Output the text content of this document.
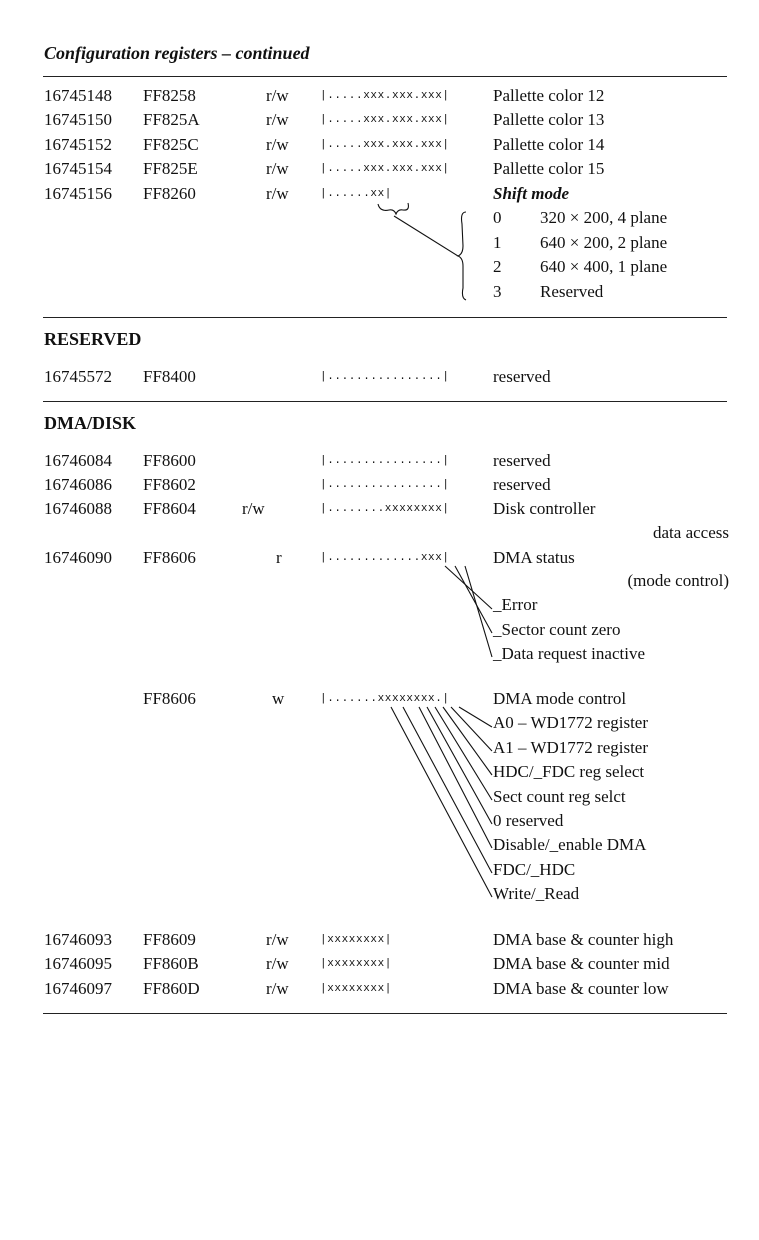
Configuration registers – continued
16745148 FF8258	r/w	|.....xxx.xxx.xxx|	Pallette color 12
16745150 FF825A	r/w	|.....xxx.xxx.xxx|	Pallette color 13
16745152 FF825C	r/w	|.....xxx.xxx.xxx|	Pallette color 14
16745154 FF825E	r/w	|.....xxx.xxx.xxx|	Pallette color 15
16745156 FF8260	r/w	|......xx|	Shift mode
0 320 × 200, 4 plane
1 640 × 200, 2 plane
2 640 × 400, 1 plane
3 Reserved
RESERVED
16745572 FF8400	|................|	reserved
DMA/DISK
16746084 FF8600	|................|	reserved
16746086 FF8602	|................|	reserved
16746088 FF8604	r/w	|........xxxxxxxx|	Disk controller
data access
16746090 FF8606	r	|.............xxx|	DMA status
(mode control)
_Error
_Sector count zero
_Data request inactive
FF8606	w	|.......xxxxxxxx.|	DMA mode control
A0 – WD1772 register
A1 – WD1772 register
HDC/_FDC reg select
Sect count reg selct
0 reserved
Disable/_enable DMA
FDC/_HDC
Write/_Read
16746093 FF8609	r/w	|xxxxxxxx|	DMA base & counter high
16746095 FF860B	r/w	|xxxxxxxx|	DMA base & counter mid
16746097 FF860D	r/w	|xxxxxxxx|	DMA base & counter low
